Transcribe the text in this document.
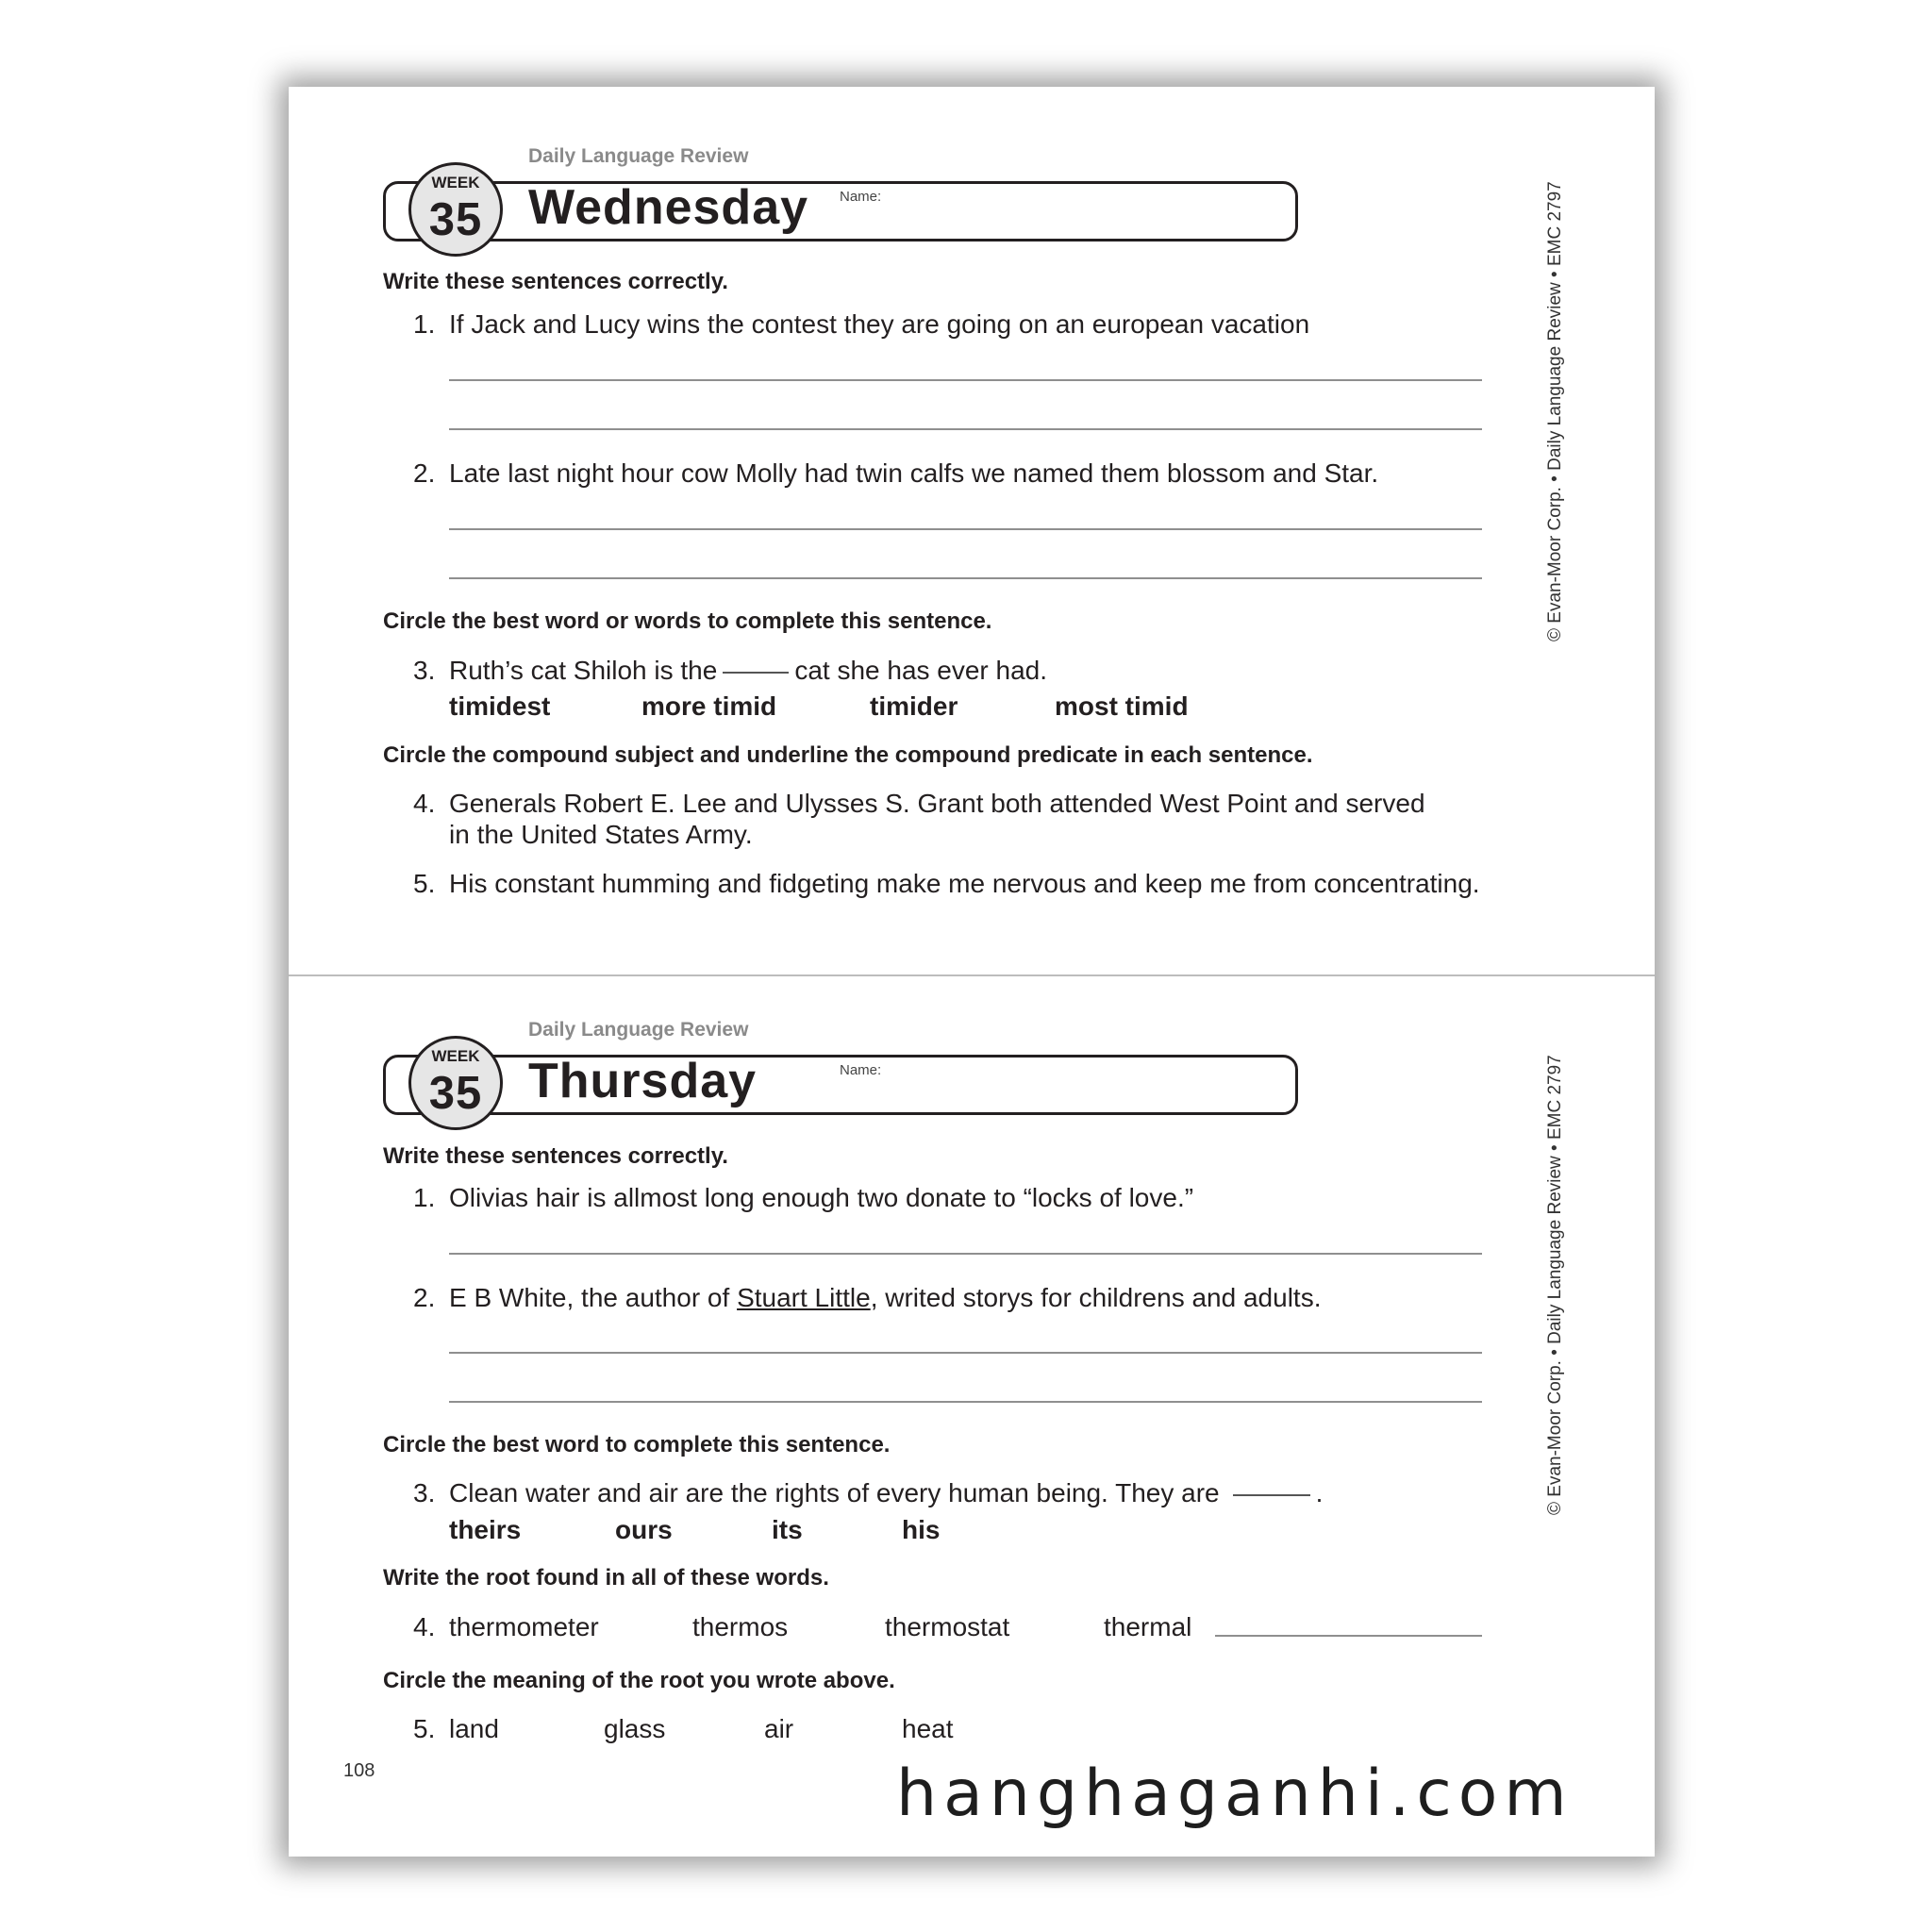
Daily Language Review
WEEK
35 Wednesday Name:
Write these sentences correctly.
1. If Jack and Lucy wins the contest they are going on an european vacation
2. Late last night hour cow Molly had twin calfs we named them blossom and Star.
Circle the best word or words to complete this sentence.
3. Ruth’s cat Shiloh is the	cat she has ever had.
timidest	more timid	timider	most timid
Circle the compound subject and underline the compound predicate in each sentence.
4. Generals Robert E. Lee and Ulysses S. Grant both attended West Point and served
in the United States Army.
5. His constant humming and fidgeting make me nervous and keep me from concentrating.
© Evan-Moor Corp. • Daily Language Review • EMC 2797
Daily Language Review
WEEK
35 Thursday	Name:
Write these sentences correctly.
1. Olivias hair is allmost long enough two donate to “locks of love.”
2. E B White, the author of Stuart Little, writed storys for childrens and adults.
Circle the best word to complete this sentence.
3. Clean water and air are the rights of every human being. They are	.
theirs	ours	its	his
Write the root found in all of these words.
4. thermometer	thermos	thermostat	thermal
Circle the meaning of the root you wrote above.
5. land	glass	air	heat
© Evan-Moor Corp. • Daily Language Review • EMC 2797
108	hanghaganhi.com
